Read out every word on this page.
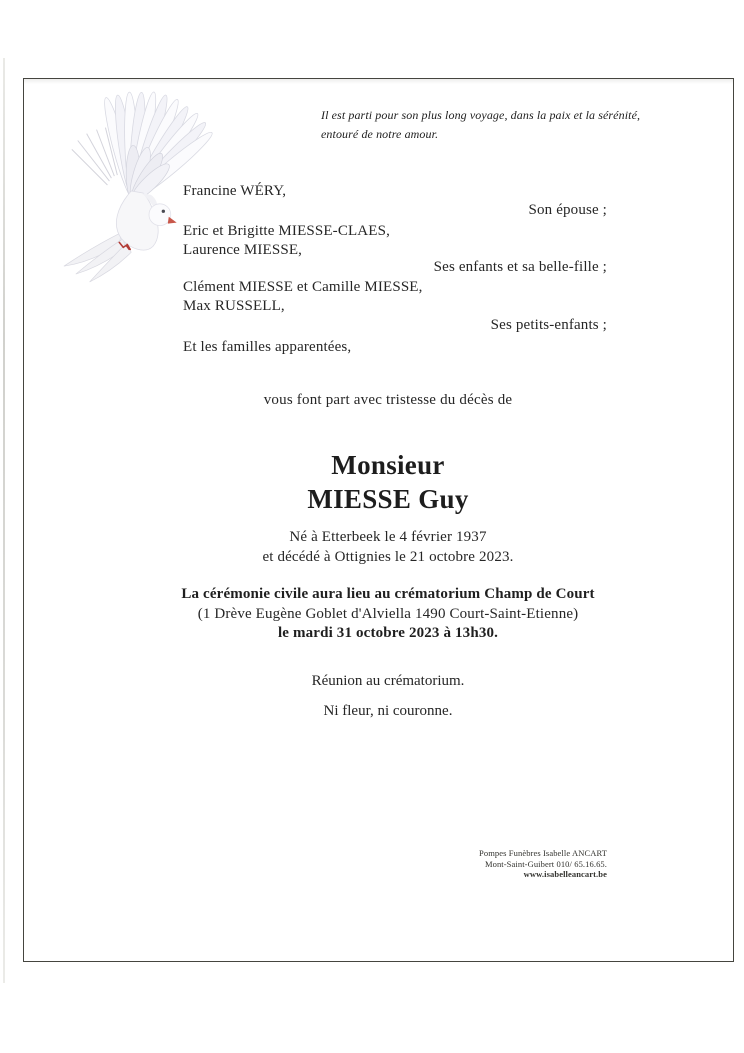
Il est parti pour son plus long voyage, dans la paix et la sérénité,
entouré de notre amour.
Francine WÉRY,
Son épouse ;
Eric et Brigitte MIESSE-CLAES,
Laurence MIESSE,
Ses enfants et sa belle-fille ;
Clément MIESSE et Camille MIESSE,
Max RUSSELL,
Ses petits-enfants ;
Et les familles apparentées,
vous font part avec tristesse du décès de
Monsieur
MIESSE Guy
Né à Etterbeek le 4 février 1937
et décédé à Ottignies le 21 octobre 2023.
La cérémonie civile aura lieu au crématorium Champ de Court
(1 Drève Eugène Goblet d'Alviella 1490 Court-Saint-Etienne)
le mardi 31 octobre 2023 à 13h30.
Réunion au crématorium.
Ni fleur, ni couronne.
Pompes Funèbres Isabelle ANCART
Mont-Saint-Guibert 010/ 65.16.65.
www.isabelleancart.be
